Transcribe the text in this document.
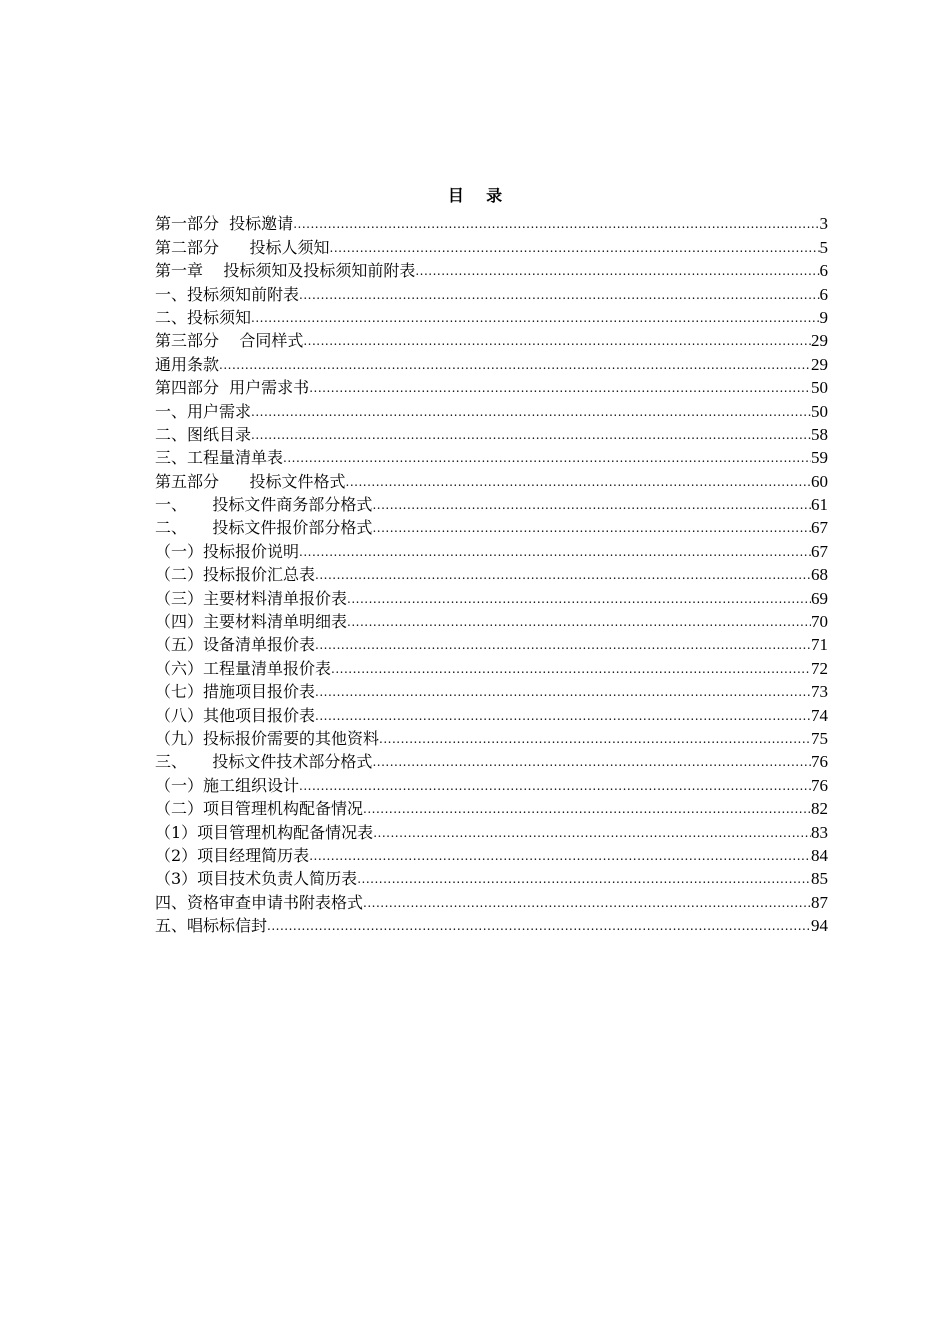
目    录
第一部分  投标邀请 .....	3
第二部分      投标人须知 .....	5
第一章    投标须知及投标须知前附表 .....	6
一、投标须知前附表 .....	6
二、投标须知 .....	9
第三部分    合同样式 .....	29
通用条款 .....	29
第四部分  用户需求书 .....	50
一、用户需求 .....	50
二、图纸目录 .....	58
三、工程量清单表 .....	59
第五部分      投标文件格式 .....	60
一、     投标文件商务部分格式 .....	61
二、     投标文件报价部分格式 .....	67
（一）投标报价说明 .....	67
（二）投标报价汇总表 .....	68
（三）主要材料清单报价表 .....	69
（四）主要材料清单明细表 .....	70
（五）设备清单报价表 .....	71
（六）工程量清单报价表 .....	72
（七）措施项目报价表 .....	73
（八）其他项目报价表 .....	74
（九）投标报价需要的其他资料 .....	75
三、     投标文件技术部分格式 .....	76
（一）施工组织设计 .....	76
（二）项目管理机构配备情况 .....	82
（1）项目管理机构配备情况表 .....	83
（2）项目经理简历表 .....	84
（3）项目技术负责人简历表 .....	85
四、资格审查申请书附表格式 .....	87
五、唱标标信封 .....	94
